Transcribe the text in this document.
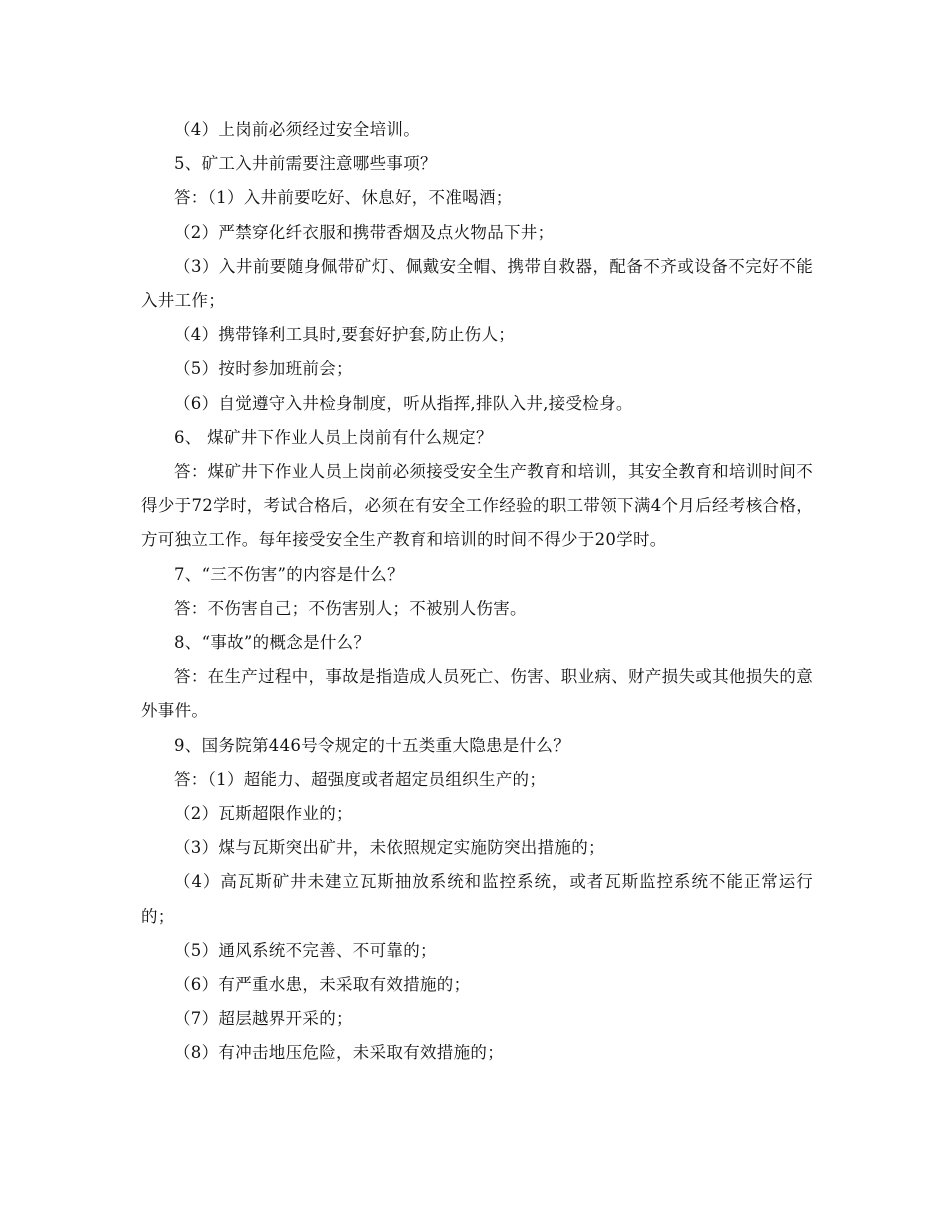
（4）上岗前必须经过安全培训。

5、矿工入井前需要注意哪些事项？

答：（1）入井前要吃好、休息好，不准喝酒；

（2）严禁穿化纤衣服和携带香烟及点火物品下井；

（3）入井前要随身佩带矿灯、佩戴安全帽、携带自救器，配备不齐或设备不完好不能入井工作；

（4）携带锋利工具时,要套好护套,防止伤人；

（5）按时参加班前会；

（6）自觉遵守入井检身制度，听从指挥,排队入井,接受检身。

6、 煤矿井下作业人员上岗前有什么规定？

答：煤矿井下作业人员上岗前必须接受安全生产教育和培训，其安全教育和培训时间不得少于72学时，考试合格后，必须在有安全工作经验的职工带领下满4个月后经考核合格，方可独立工作。每年接受安全生产教育和培训的时间不得少于20学时。

7、“三不伤害”的内容是什么？

答：不伤害自己；不伤害别人；不被别人伤害。

8、“事故”的概念是什么？

答：在生产过程中，事故是指造成人员死亡、伤害、职业病、财产损失或其他损失的意外事件。

9、国务院第446号令规定的十五类重大隐患是什么？

答：（1）超能力、超强度或者超定员组织生产的；

（2）瓦斯超限作业的；

（3）煤与瓦斯突出矿井，未依照规定实施防突出措施的；

（4）高瓦斯矿井未建立瓦斯抽放系统和监控系统，或者瓦斯监控系统不能正常运行的；

（5）通风系统不完善、不可靠的；

（6）有严重水患，未采取有效措施的；

（7）超层越界开采的；

（8）有冲击地压危险，未采取有效措施的；
